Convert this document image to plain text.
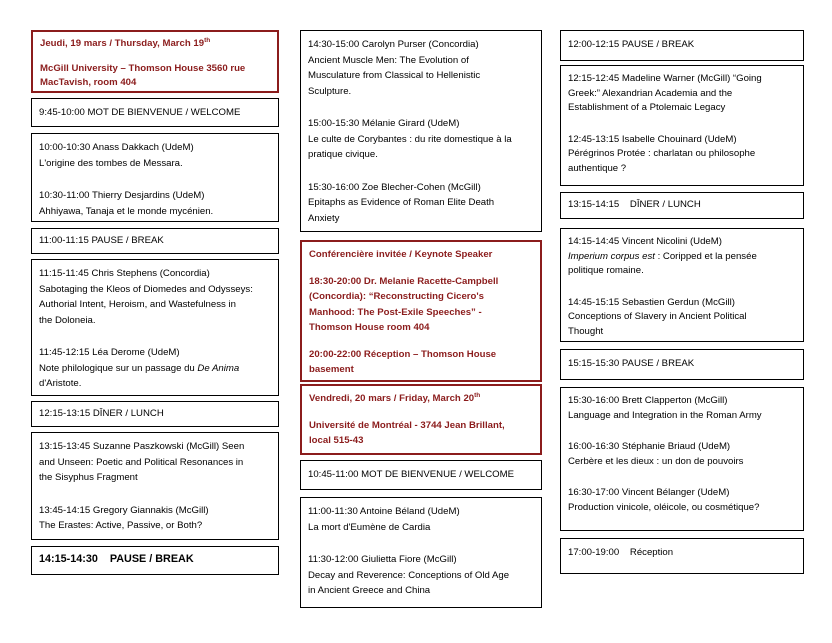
Jeudi, 19 mars / Thursday, March 19th
McGill University – Thomson House 3560 rue
MacTavish, room 404
9:45-10:00 MOT DE BIENVENUE / WELCOME
10:00-10:30 Anass Dakkach (UdeM)
L'origine des tombes de Messara.
10:30-11:00 Thierry Desjardins (UdeM)
Ahhiyawa, Tanaja et le monde mycénien.
11:00-11:15 PAUSE / BREAK
11:15-11:45 Chris Stephens (Concordia)
Sabotaging the Kleos of Diomedes and Odysseys:
Authorial Intent, Heroism, and Wastefulness in
the Doloneia.
11:45-12:15 Léa Derome (UdeM)
Note philologique sur un passage du De Anima
d'Aristote.
12:15-13:15 DÎNER / LUNCH
13:15-13:45 Suzanne Paszkowski (McGill) Seen
and Unseen: Poetic and Political Resonances in
the Sisyphus Fragment
13:45-14:15 Gregory Giannakis (McGill)
The Erastes: Active, Passive, or Both?
14:15-14:30 PAUSE / BREAK
14:30-15:00 Carolyn Purser (Concordia)
Ancient Muscle Men: The Evolution of
Musculature from Classical to Hellenistic
Sculpture.
15:00-15:30 Mélanie Girard (UdeM)
Le culte de Corybantes : du rite domestique à la
pratique civique.
15:30-16:00 Zoe Blecher-Cohen (McGill)
Epitaphs as Evidence of Roman Elite Death
Anxiety
Conférencière invitée / Keynote Speaker
18:30-20:00 Dr. Melanie Racette-Campbell
(Concordia): “Reconstructing Cicero's
Manhood: The Post-Exile Speeches” -
Thomson House room 404
20:00-22:00 Réception – Thomson House
basement
Vendredi, 20 mars / Friday, March 20th
Université de Montréal - 3744 Jean Brillant,
local 515-43
10:45-11:00 MOT DE BIENVENUE / WELCOME
11:00-11:30 Antoine Béland (UdeM)
La mort d'Eumène de Cardia
11:30-12:00 Giulietta Fiore (McGill)
Decay and Reverence: Conceptions of Old Age
in Ancient Greece and China
12:00-12:15 PAUSE / BREAK
12:15-12:45 Madeline Warner (McGill) “Going
Greek:” Alexandrian Academia and the
Establishment of a Ptolemaic Legacy
12:45-13:15 Isabelle Chouinard (UdeM)
Pérégrinos Protée : charlatan ou philosophe
authentique ?
13:15-14:15 DÎNER / LUNCH
14:15-14:45 Vincent Nicolini (UdeM)
Imperium corpus est : Coripped et la pensée
politique romaine.
14:45-15:15 Sebastien Gerdun (McGill)
Conceptions of Slavery in Ancient Political
Thought
15:15-15:30 PAUSE / BREAK
15:30-16:00 Brett Clapperton (McGill)
Language and Integration in the Roman Army
16:00-16:30 Stéphanie Briaud (UdeM)
Cerbère et les dieux : un don de pouvoirs
16:30-17:00 Vincent Bélanger (UdeM)
Production vinicole, oléicole, ou cosmétique?
17:00-19:00 Réception
